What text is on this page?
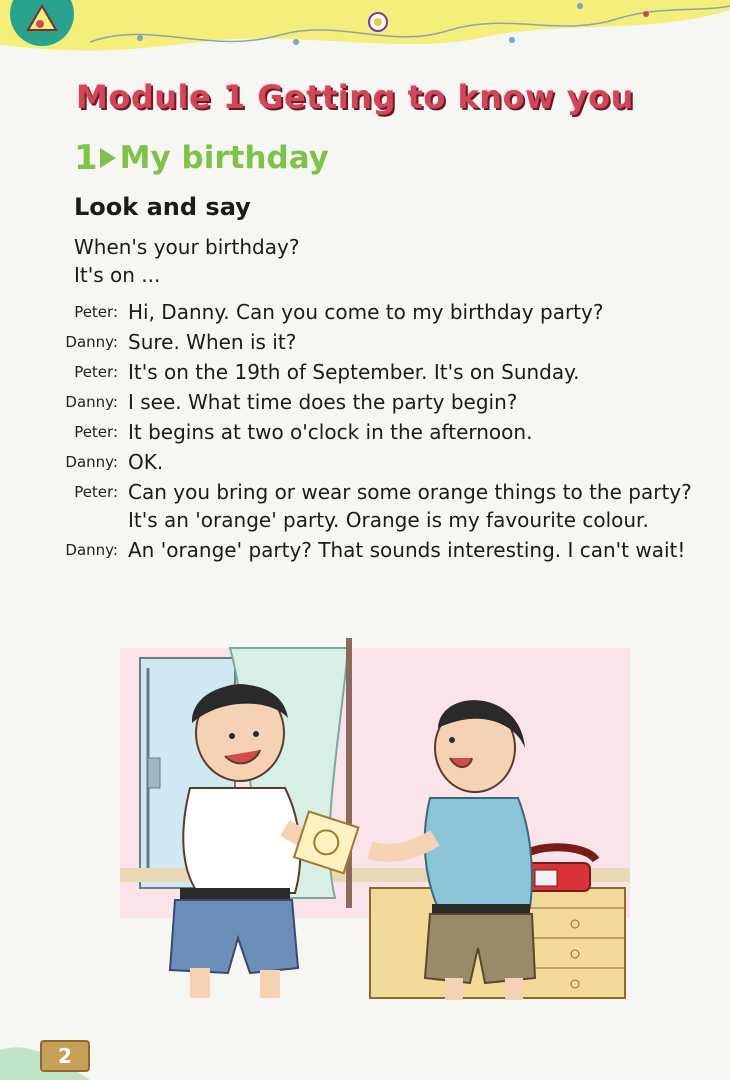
Module 1 Getting to know you
1 My birthday
Look and say
When's your birthday?
It's on ...
Peter: Hi, Danny. Can you come to my birthday party?
Danny: Sure. When is it?
Peter: It's on the 19th of September. It's on Sunday.
Danny: I see. What time does the party begin?
Peter: It begins at two o'clock in the afternoon.
Danny: OK.
Peter: Can you bring or wear some orange things to the party? It's an 'orange' party. Orange is my favourite colour.
Danny: An 'orange' party? That sounds interesting. I can't wait!
2
